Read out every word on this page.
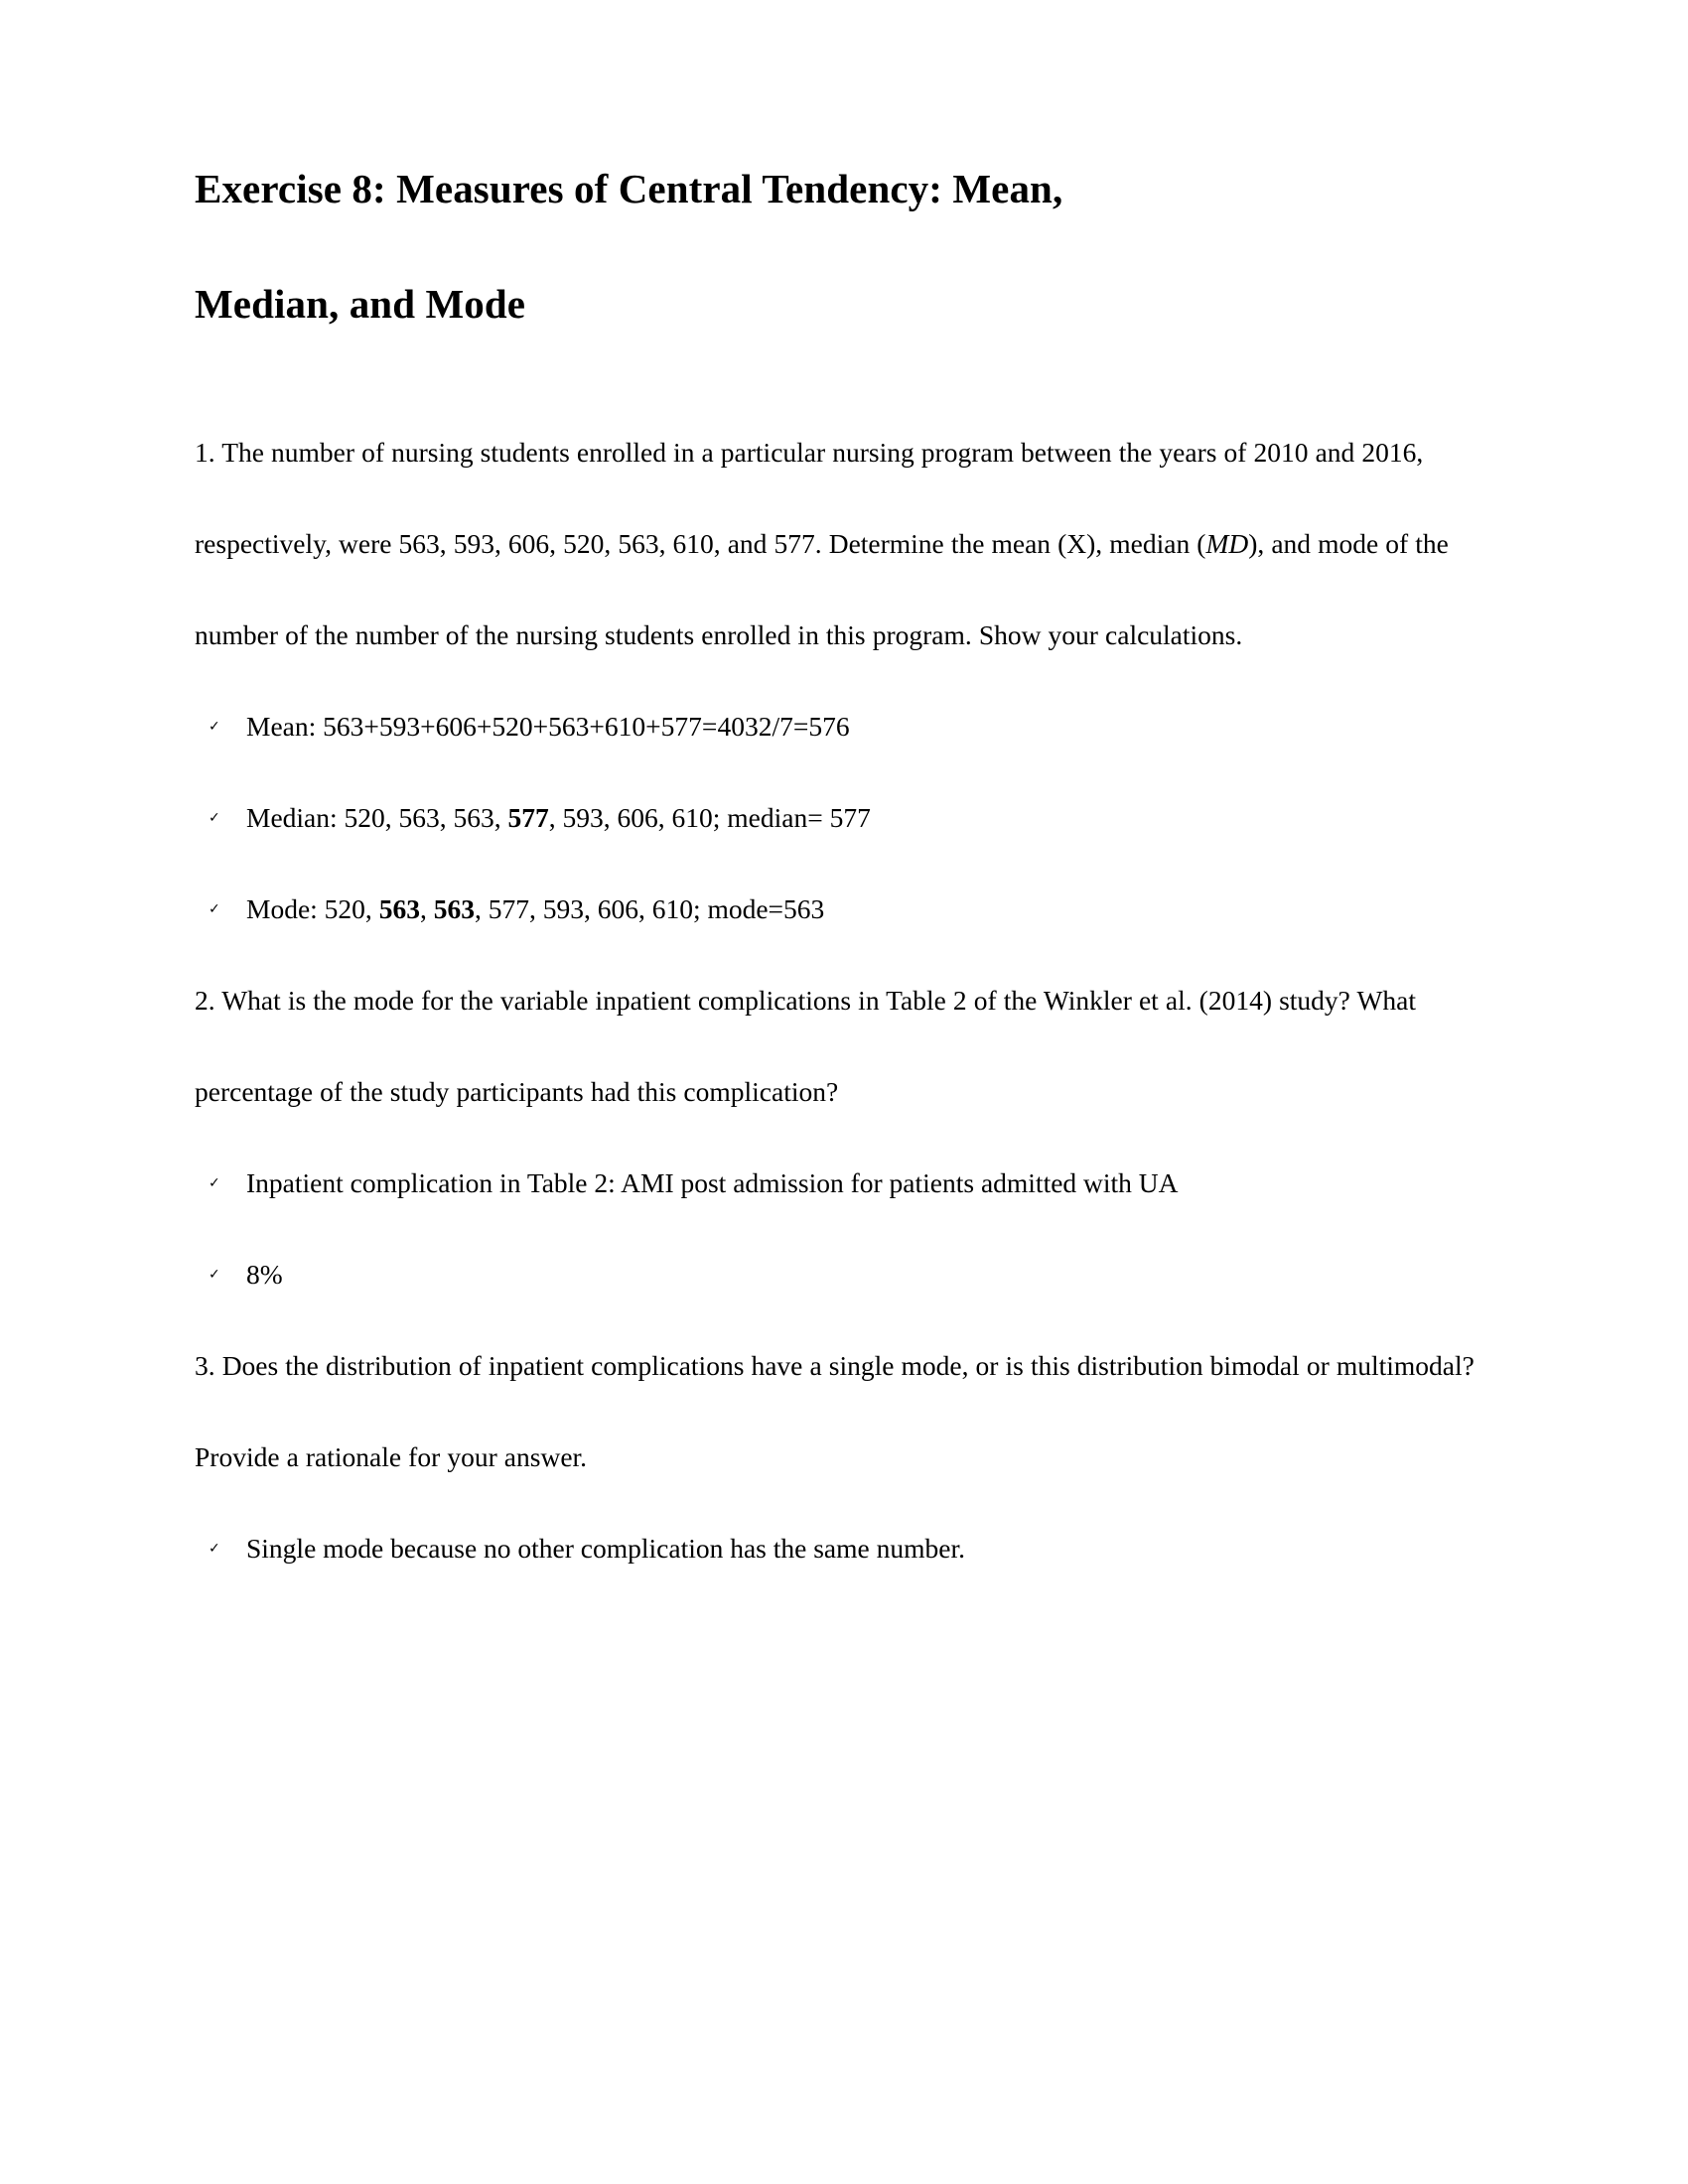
Exercise 8: Measures of Central Tendency: Mean,
Median, and Mode

1. The number of nursing students enrolled in a particular nursing program between the years of 2010 and 2016, respectively, were 563, 593, 606, 520, 563, 610, and 577. Determine the mean (X), median (MD), and mode of the number of the number of the nursing students enrolled in this program. Show your calculations.

✓ Mean: 563+593+606+520+563+610+577=4032/7=576
✓ Median: 520, 563, 563, 577, 593, 606, 610; median= 577
✓ Mode: 520, 563, 563, 577, 593, 606, 610; mode=563

2. What is the mode for the variable inpatient complications in Table 2 of the Winkler et al. (2014) study? What percentage of the study participants had this complication?

✓ Inpatient complication in Table 2: AMI post admission for patients admitted with UA
✓ 8%

3. Does the distribution of inpatient complications have a single mode, or is this distribution bimodal or multimodal? Provide a rationale for your answer.

✓ Single mode because no other complication has the same number.
